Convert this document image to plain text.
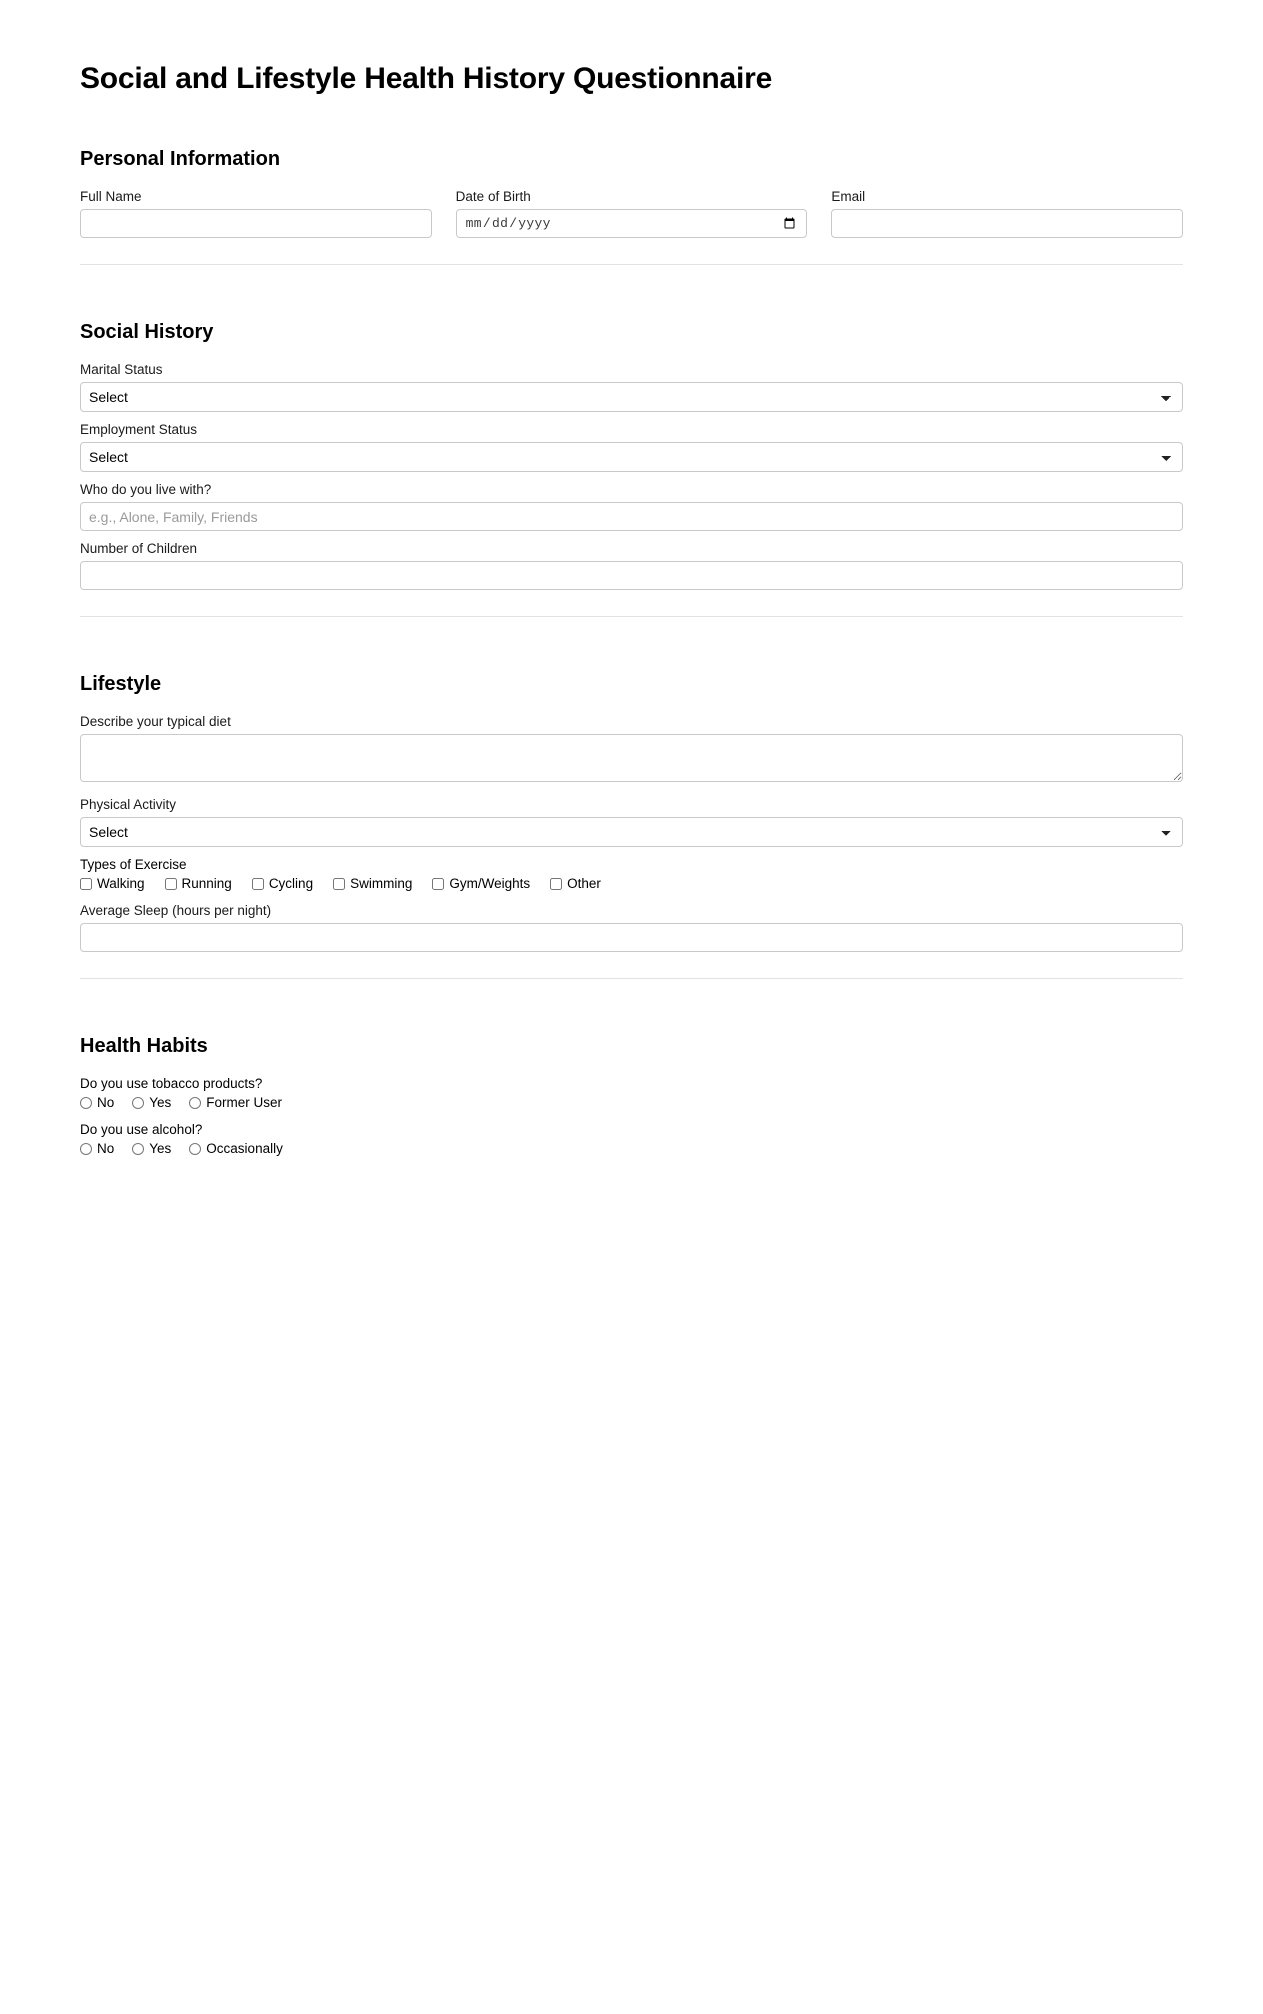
Social and Lifestyle Health History Questionnaire
Personal Information
Full Name	Date of Birth	Email
Social History
Marital Status
Select
Employment Status
Select
Who do you live with?
e.g., Alone, Family, Friends
Number of Children
Lifestyle
Describe your typical diet
Physical Activity
Select
Types of Exercise
Walking	Running	Cycling	Swimming	Gym/Weights	Other
Average Sleep (hours per night)
Health Habits
Do you use tobacco products?
No	Yes	Former User
Do you use alcohol?
No	Yes	Occasionally
